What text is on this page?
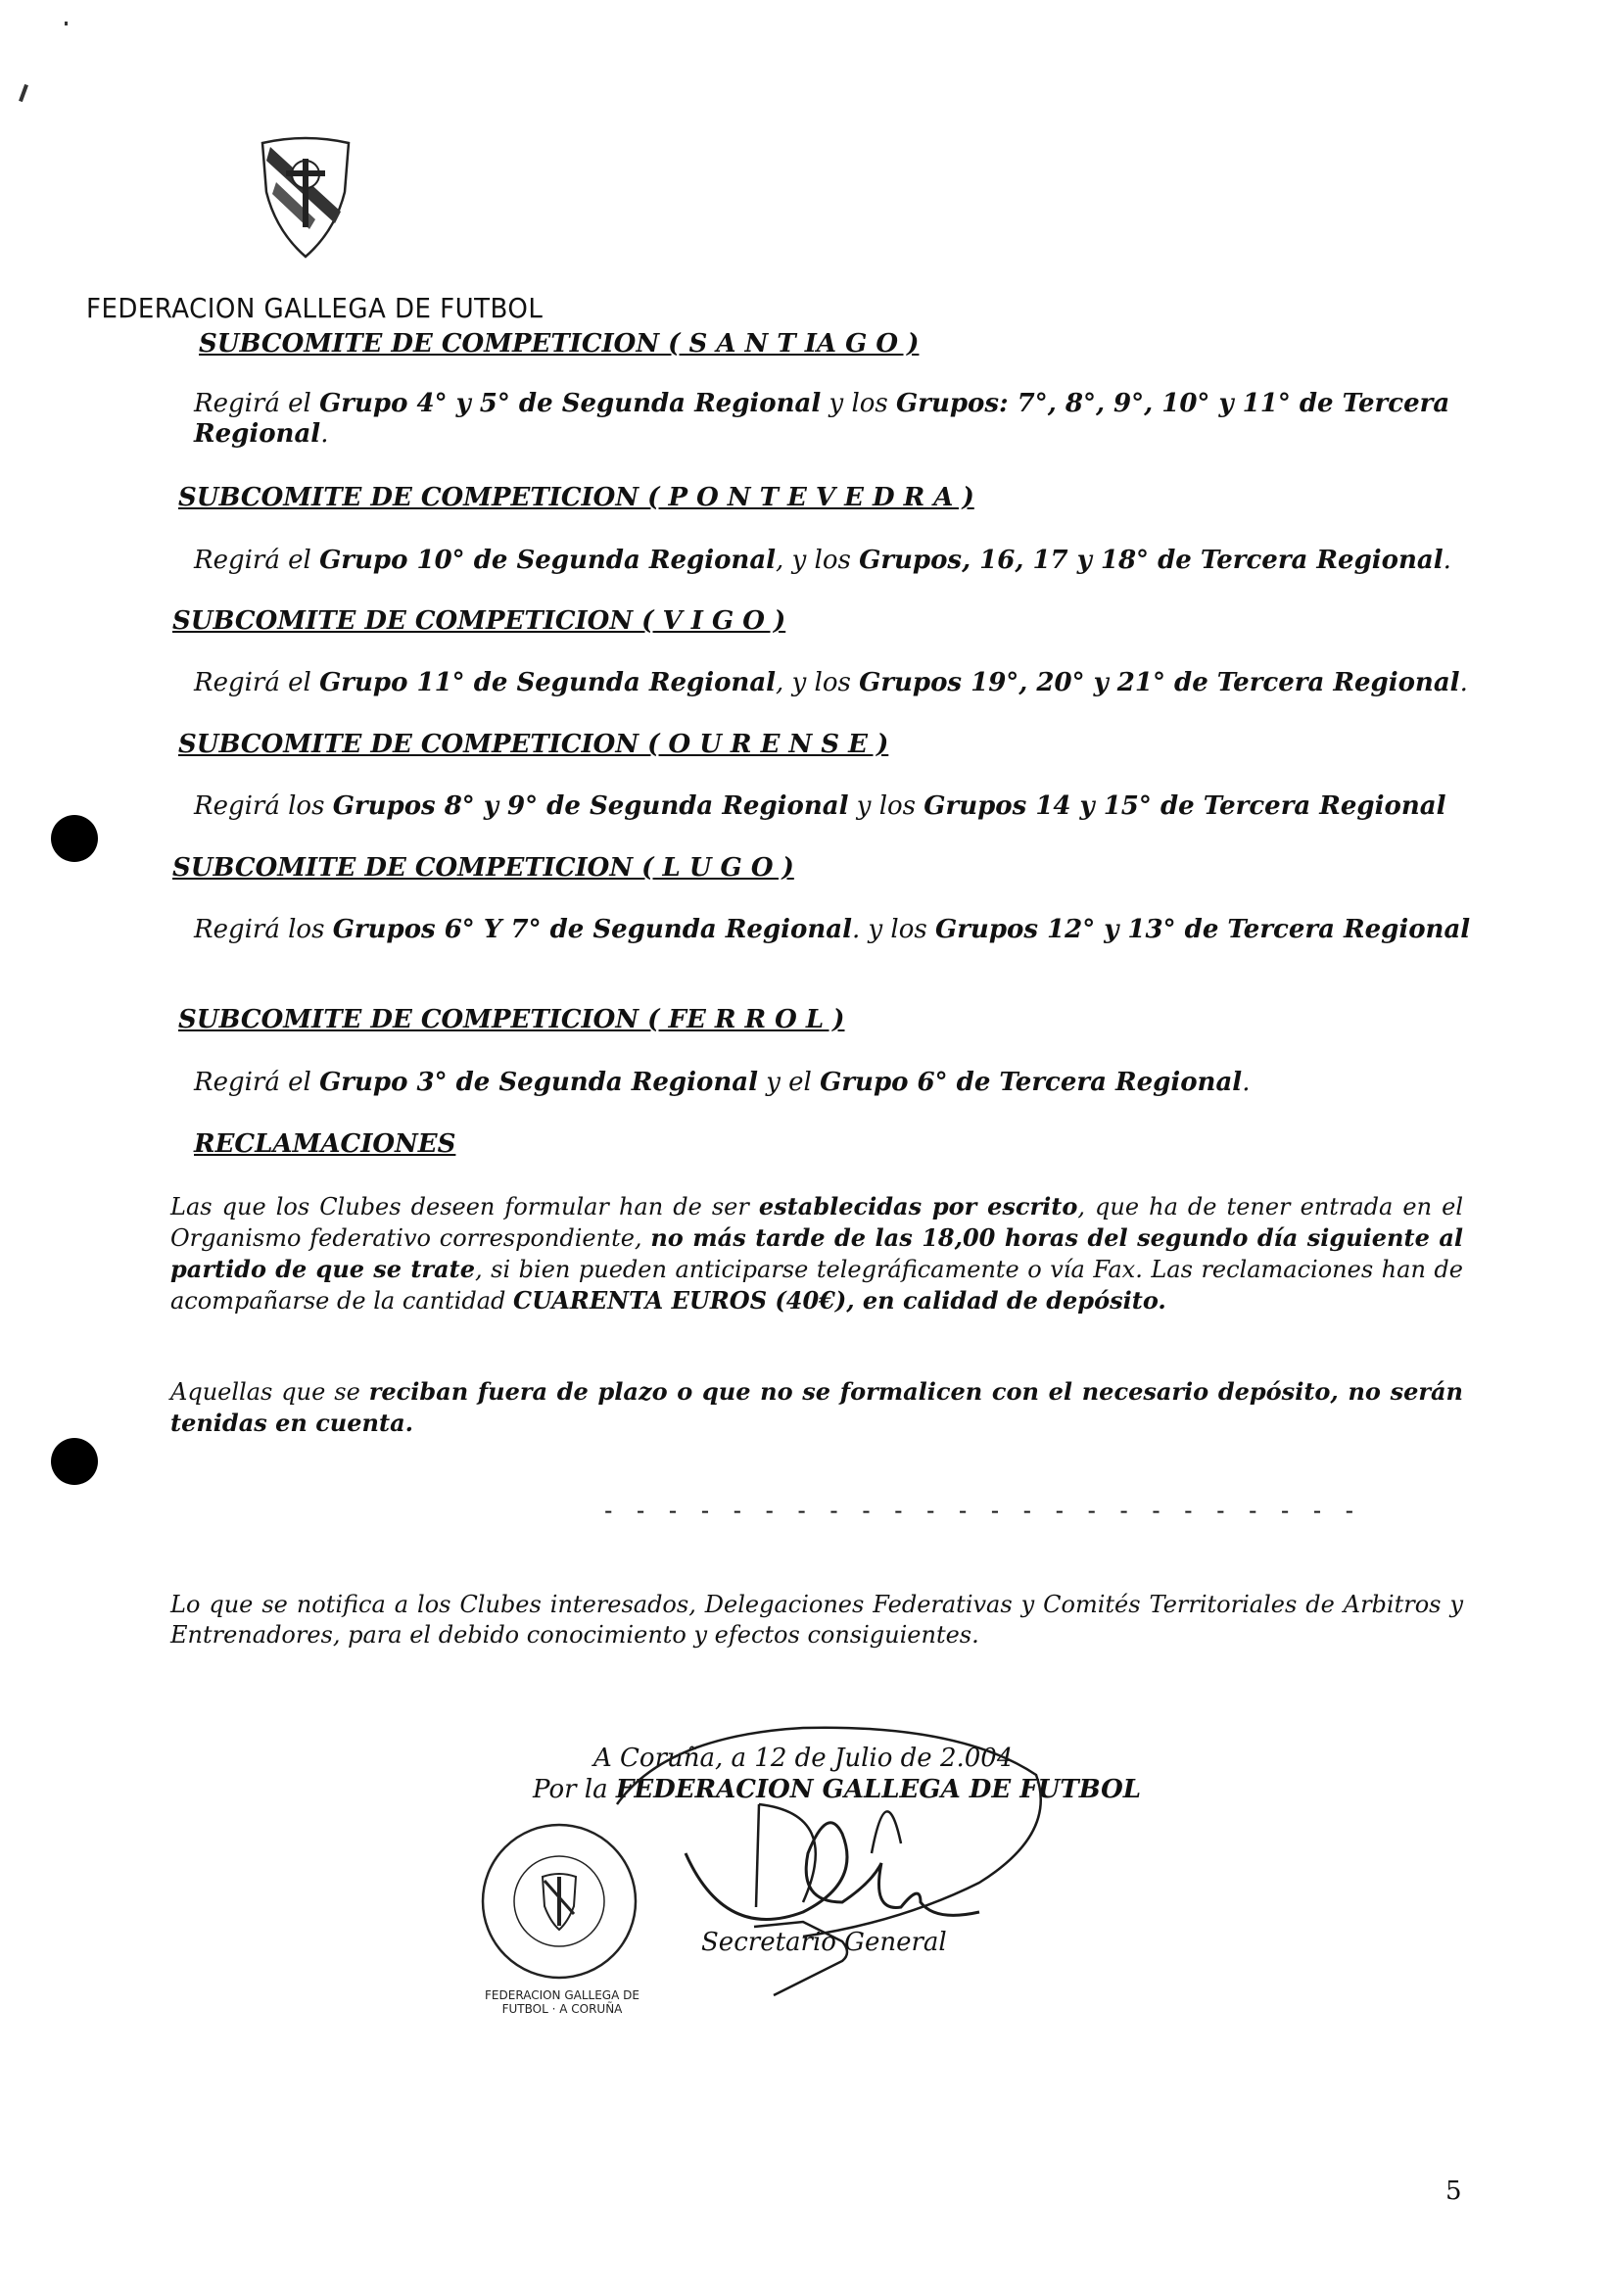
FEDERACION GALLEGA DE FUTBOL
SUBCOMITE DE COMPETICION ( S A N T IA G O )
Regirá el Grupo 4° y 5° de Segunda Regional y los Grupos: 7°, 8°, 9°, 10° y 11° de Tercera Regional.
SUBCOMITE DE COMPETICION ( P O N T E V E D R A )
Regirá el Grupo 10° de Segunda Regional, y los Grupos, 16, 17 y 18° de Tercera Regional.
SUBCOMITE DE COMPETICION ( V I G O )
Regirá el Grupo 11° de Segunda Regional, y los Grupos 19°, 20° y 21° de Tercera Regional.
SUBCOMITE DE COMPETICION ( O U R E N S E )
Regirá los Grupos 8° y 9° de Segunda Regional y los Grupos 14 y 15° de Tercera Regional
SUBCOMITE DE COMPETICION ( L U G O )
Regirá los Grupos 6° Y 7° de Segunda Regional. y los Grupos 12° y 13° de Tercera Regional
SUBCOMITE DE COMPETICION ( FE R R O L )
Regirá el Grupo 3° de Segunda Regional y el Grupo 6° de Tercera Regional.
RECLAMACIONES
Las que los Clubes deseen formular han de ser establecidas por escrito, que ha de tener entrada en el Organismo federativo correspondiente, no más tarde de las 18,00 horas del segundo día siguiente al partido de que se trate, si bien pueden anticiparse telegráficamente o vía Fax. Las reclamaciones han de acompañarse de la cantidad CUARENTA EUROS (40€), en calidad de depósito.
Aquellas que se reciban fuera de plazo o que no se formalicen con el necesario depósito, no serán tenidas en cuenta.
- - - - - - - - - - - - - - - - - - - - - - - -
Lo que se notifica a los Clubes interesados, Delegaciones Federativas y Comités Territoriales de Arbitros y Entrenadores, para el debido conocimiento y efectos consiguientes.
A Coruña, a 12 de Julio de 2.004
Por la FEDERACION GALLEGA DE FUTBOL
FEDERACION GALLEGA DE FUTBOL · A CORUÑA
Secretario General
5
